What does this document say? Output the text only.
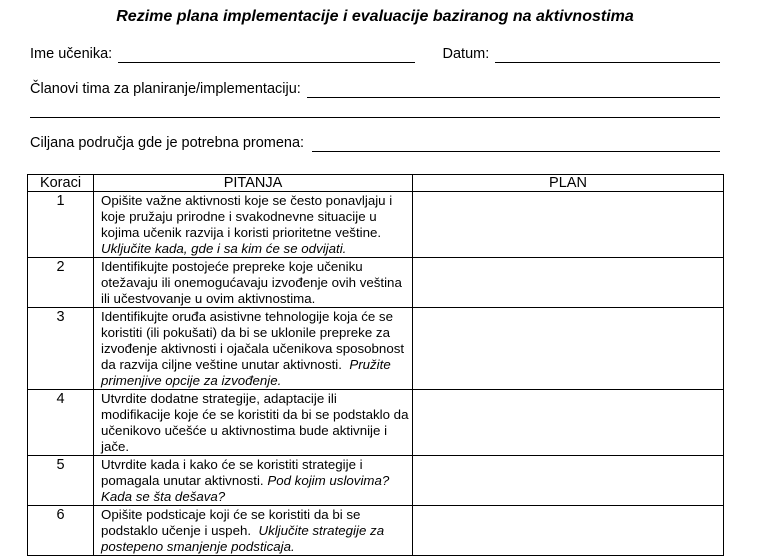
Rezime plana implementacije i evaluacije baziranog na aktivnostima
Ime učenika:	Datum:
Članovi tima za planiranje/implementaciju:
Ciljana područja gde je potrebna promena:
Koraci	PITANJA	PLAN
1	Opišite važne aktivnosti koje se često ponavljaju i koje pružaju prirodne i svakodnevne situacije u kojima učenik razvija i koristi prioritetne veštine. Uključite kada, gde i sa kim će se odvijati.	
2	Identifikujte postojeće prepreke koje učeniku otežavaju ili onemogućavaju izvođenje ovih veština ili učestvovanje u ovim aktivnostima.	
3	Identifikujte oruđa asistivne tehnologije koja će se koristiti (ili pokušati) da bi se uklonile prepreke za izvođenje aktivnosti i ojačala učenikova sposobnost da razvija ciljne veštine unutar aktivnosti.  Pružite primenjive opcije za izvođenje.	
4	Utvrdite dodatne strategije, adaptacije ili modifikacije koje će se koristiti da bi se podstaklo da učenikovo učešće u aktivnostima bude aktivnije i jače.	
5	Utvrdite kada i kako će se koristiti strategije i pomagala unutar aktivnosti. Pod kojim uslovima? Kada se šta dešava?	
6	Opišite podsticaje koji će se koristiti da bi se podstaklo učenje i uspeh.  Uključite strategije za postepeno smanjenje podsticaja.	
